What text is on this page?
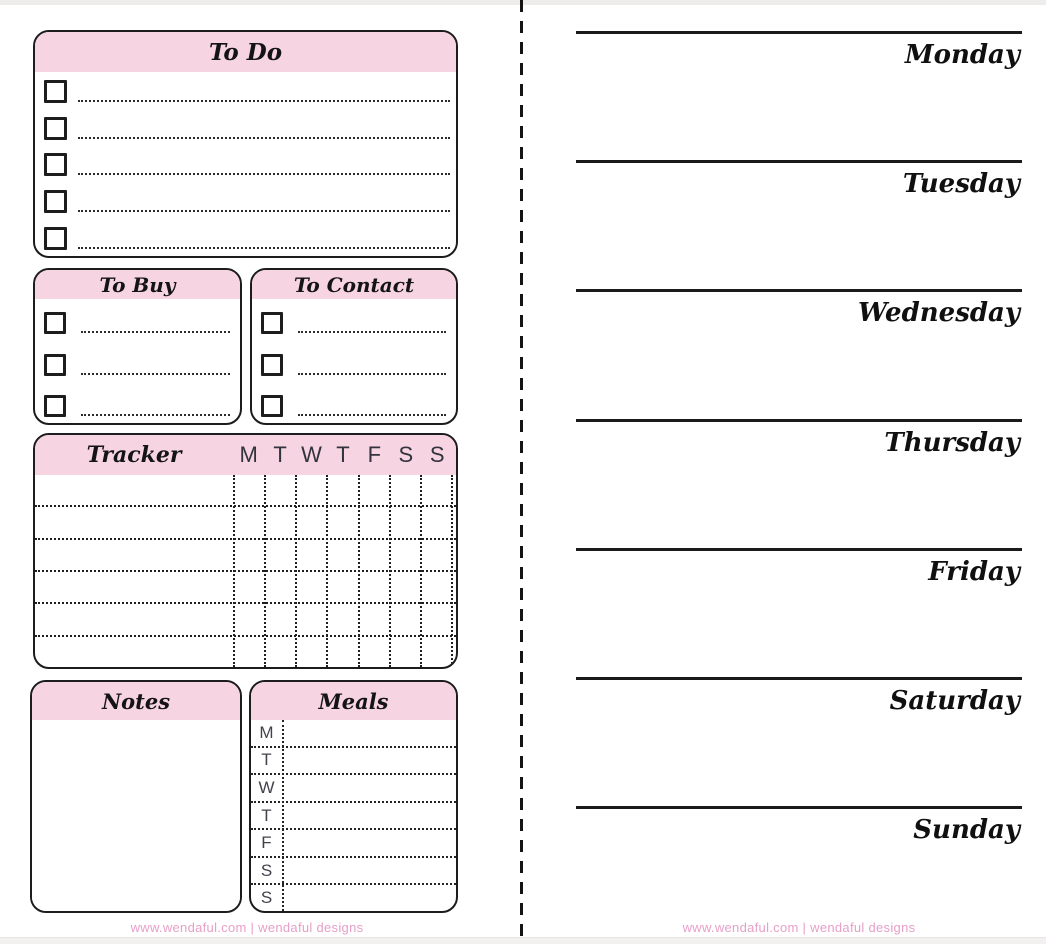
To Do
To Buy	To Contact
Tracker	M T W T F S S
Notes	Meals
M
T
W
T
F
S
S
www.wendaful.com | wendaful designs
Monday
Tuesday
Wednesday
Thursday
Friday
Saturday
Sunday
www.wendaful.com | wendaful designs
